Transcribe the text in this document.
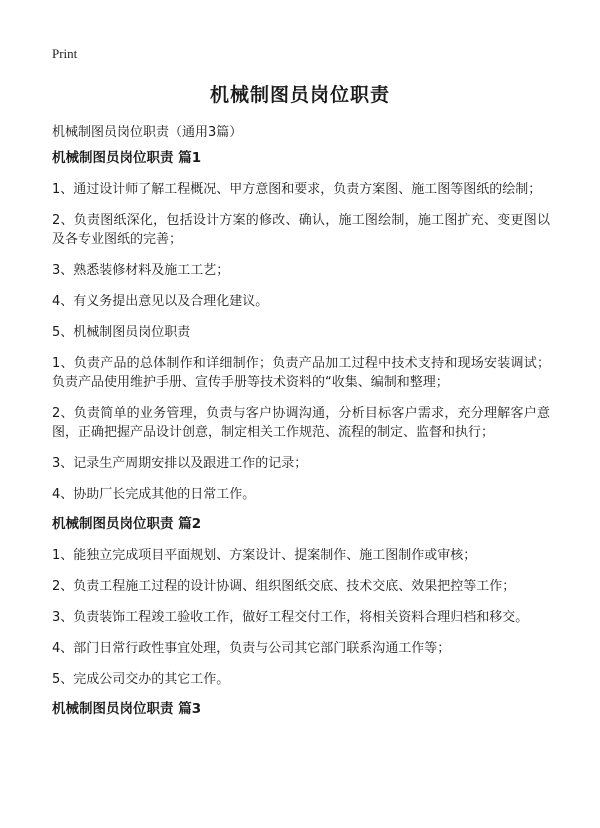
Print
机械制图员岗位职责
机械制图员岗位职责（通用3篇）
机械制图员岗位职责 篇1

1、通过设计师了解工程概况、甲方意图和要求，负责方案图、施工图等图纸的绘制；

2、负责图纸深化，包括设计方案的修改、确认，施工图绘制，施工图扩充、变更图以及各专业图纸的完善；

3、熟悉装修材料及施工工艺；

4、有义务提出意见以及合理化建议。

5、机械制图员岗位职责

1、负责产品的总体制作和详细制作；负责产品加工过程中技术支持和现场安装调试；负责产品使用维护手册、宣传手册等技术资料的“收集、编制和整理；

2、负责简单的业务管理，负责与客户协调沟通，分析目标客户需求，充分理解客户意图，正确把握产品设计创意，制定相关工作规范、流程的制定、监督和执行；

3、记录生产周期安排以及跟进工作的记录；

4、协助厂长完成其他的日常工作。

机械制图员岗位职责 篇2

1、能独立完成项目平面规划、方案设计、提案制作、施工图制作或审核；

2、负责工程施工过程的设计协调、组织图纸交底、技术交底、效果把控等工作；

3、负责装饰工程竣工验收工作，做好工程交付工作，将相关资料合理归档和移交。

4、部门日常行政性事宜处理，负责与公司其它部门联系沟通工作等；

5、完成公司交办的其它工作。

机械制图员岗位职责 篇3
